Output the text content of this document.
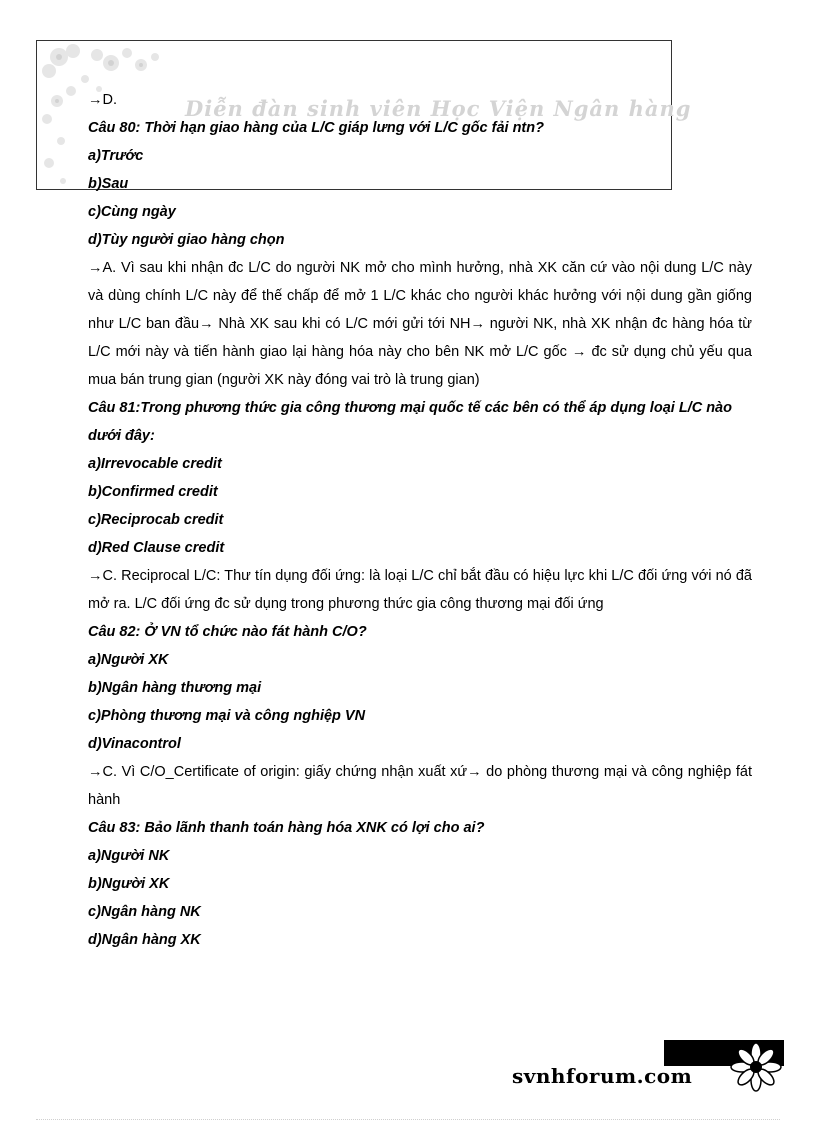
Diễn đàn sinh viên Học Viện Ngân hàng

→D.

Câu 80: Thời hạn giao hàng của L/C giáp lưng với L/C gốc fải ntn?

a)Trước

b)Sau

c)Cùng ngày

d)Tùy người giao hàng chọn

→A. Vì sau khi nhận đc L/C do người NK mở cho mình hưởng, nhà XK căn cứ vào nội dung L/C này và dùng chính L/C này để thế chấp để mở 1 L/C khác cho người khác hưởng với nội dung gần giống như L/C ban đầu→ Nhà XK sau khi có L/C mới gửi tới NH→ người NK, nhà XK nhận đc hàng hóa từ L/C mới này và tiến hành giao lại hàng hóa này cho bên NK mở L/C gốc → đc sử dụng chủ yếu qua mua bán trung gian (người XK này đóng vai trò là trung gian)

Câu 81:Trong phương thức gia công thương mại quốc tế các bên có thể áp dụng loại L/C nào dưới đây:

a)Irrevocable credit

b)Confirmed credit

c)Reciprocab credit

d)Red Clause credit

→C. Reciprocal L/C: Thư tín dụng đối ứng: là loại L/C chỉ bắt đầu có hiệu lực khi L/C đối ứng với nó đã mở ra. L/C đối ứng đc sử dụng trong phương thức gia công thương mại đối ứng

Câu 82: Ở VN tổ chức nào fát hành C/O?

a)Người XK

b)Ngân hàng thương mại

c)Phòng thương mại và công nghiệp VN

d)Vinacontrol

→C. Vì C/O_Certificate of origin: giấy chứng nhận xuất xứ→ do phòng thương mại và công nghiệp fát hành

Câu 83: Bảo lãnh thanh toán hàng hóa XNK có lợi cho ai?

a)Người NK

b)Người XK

c)Ngân hàng NK

d)Ngân hàng XK

svnhforum.com
